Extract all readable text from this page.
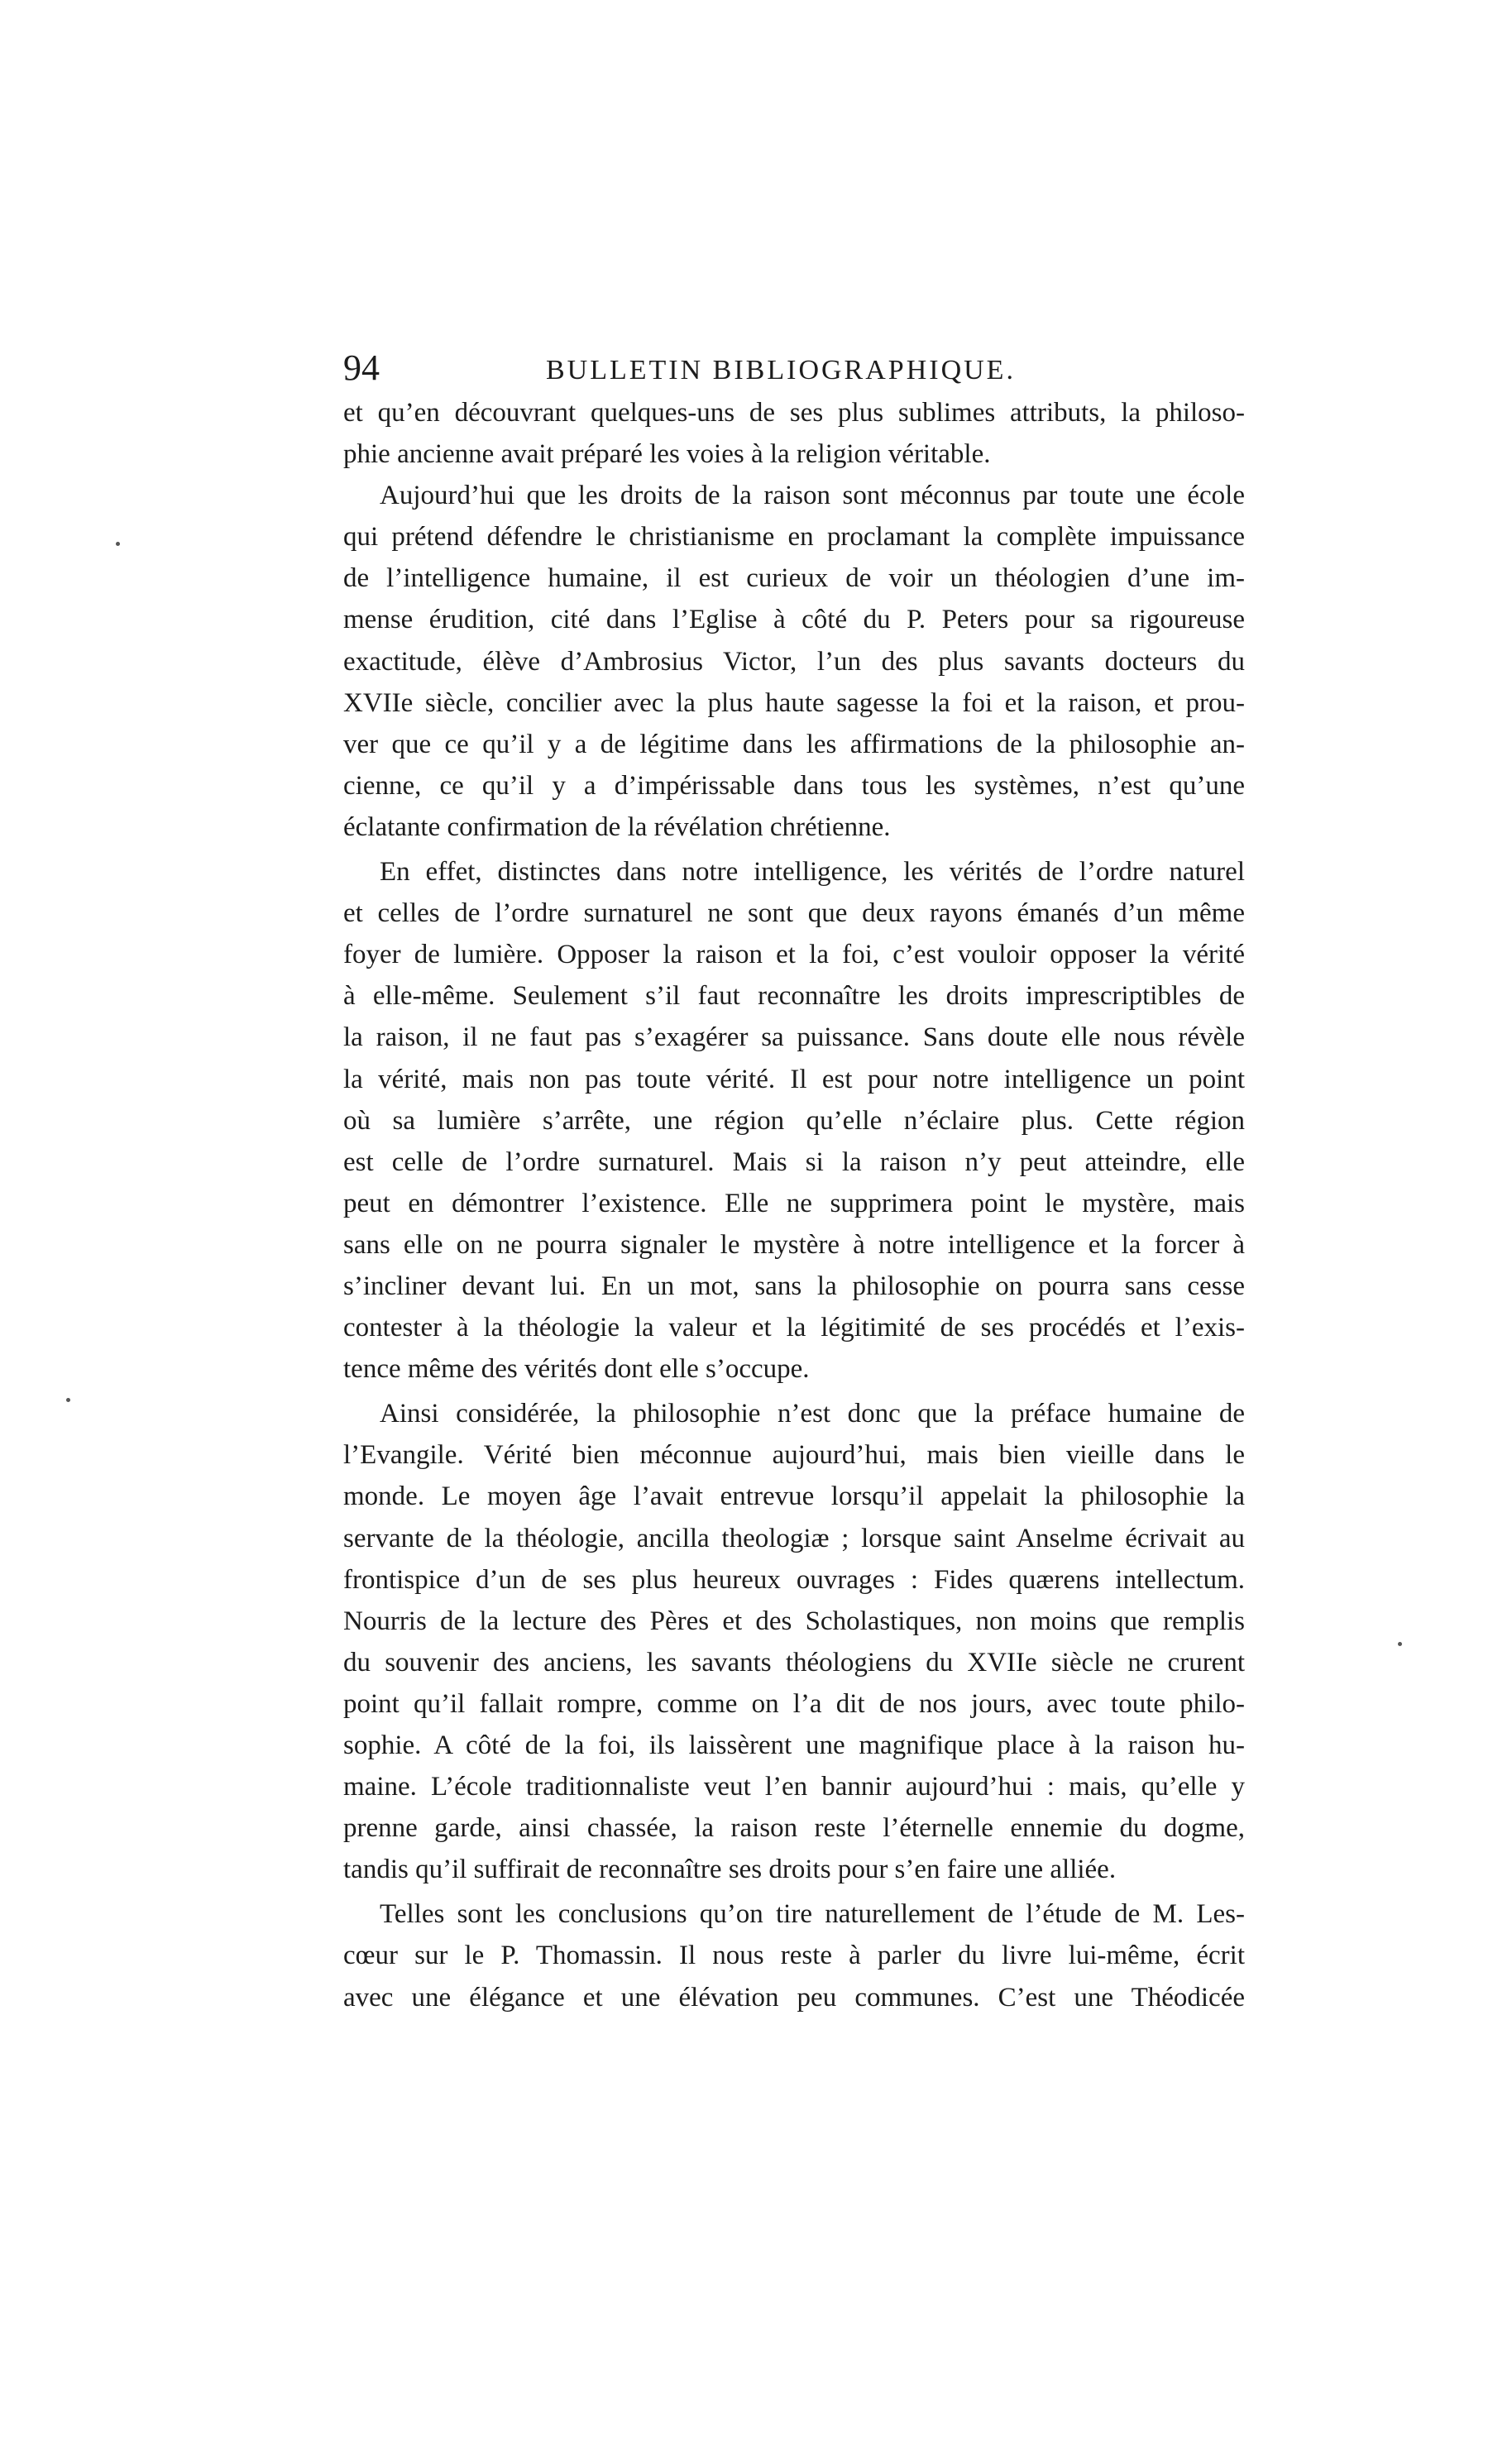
94	BULLETIN BIBLIOGRAPHIQUE.
et qu’en découvrant quelques-uns de ses plus sublimes attributs, la philoso-
phie ancienne avait préparé les voies à la religion véritable.
Aujourd’hui que les droits de la raison sont méconnus par toute une école
qui prétend défendre le christianisme en proclamant la complète impuissance
de l’intelligence humaine, il est curieux de voir un théologien d’une im-
mense érudition, cité dans l’Eglise à côté du P. Peters pour sa rigoureuse
exactitude, élève d’Ambrosius Victor, l’un des plus savants docteurs du
XVIIe siècle, concilier avec la plus haute sagesse la foi et la raison, et prou-
ver que ce qu’il y a de légitime dans les affirmations de la philosophie an-
cienne, ce qu’il y a d’impérissable dans tous les systèmes, n’est qu’une
éclatante confirmation de la révélation chrétienne.
En effet, distinctes dans notre intelligence, les vérités de l’ordre naturel
et celles de l’ordre surnaturel ne sont que deux rayons émanés d’un même
foyer de lumière. Opposer la raison et la foi, c’est vouloir opposer la vérité
à elle-même. Seulement s’il faut reconnaître les droits imprescriptibles de
la raison, il ne faut pas s’exagérer sa puissance. Sans doute elle nous révèle
la vérité, mais non pas toute vérité. Il est pour notre intelligence un point
où sa lumière s’arrête, une région qu’elle n’éclaire plus. Cette région
est celle de l’ordre surnaturel. Mais si la raison n’y peut atteindre, elle
peut en démontrer l’existence. Elle ne supprimera point le mystère, mais
sans elle on ne pourra signaler le mystère à notre intelligence et la forcer à
s’incliner devant lui. En un mot, sans la philosophie on pourra sans cesse
contester à la théologie la valeur et la légitimité de ses procédés et l’exis-
tence même des vérités dont elle s’occupe.
Ainsi considérée, la philosophie n’est donc que la préface humaine de
l’Evangile. Vérité bien méconnue aujourd’hui, mais bien vieille dans le
monde. Le moyen âge l’avait entrevue lorsqu’il appelait la philosophie la
servante de la théologie, ancilla theologiæ ; lorsque saint Anselme écrivait au
frontispice d’un de ses plus heureux ouvrages : Fides quærens intellectum.
Nourris de la lecture des Pères et des Scholastiques, non moins que remplis
du souvenir des anciens, les savants théologiens du XVIIe siècle ne crurent
point qu’il fallait rompre, comme on l’a dit de nos jours, avec toute philo-
sophie. A côté de la foi, ils laissèrent une magnifique place à la raison hu-
maine. L’école traditionnaliste veut l’en bannir aujourd’hui : mais, qu’elle y
prenne garde, ainsi chassée, la raison reste l’éternelle ennemie du dogme,
tandis qu’il suffirait de reconnaître ses droits pour s’en faire une alliée.
Telles sont les conclusions qu’on tire naturellement de l’étude de M. Les-
cœur sur le P. Thomassin. Il nous reste à parler du livre lui-même, écrit
avec une élégance et une élévation peu communes. C’est une Théodicée
